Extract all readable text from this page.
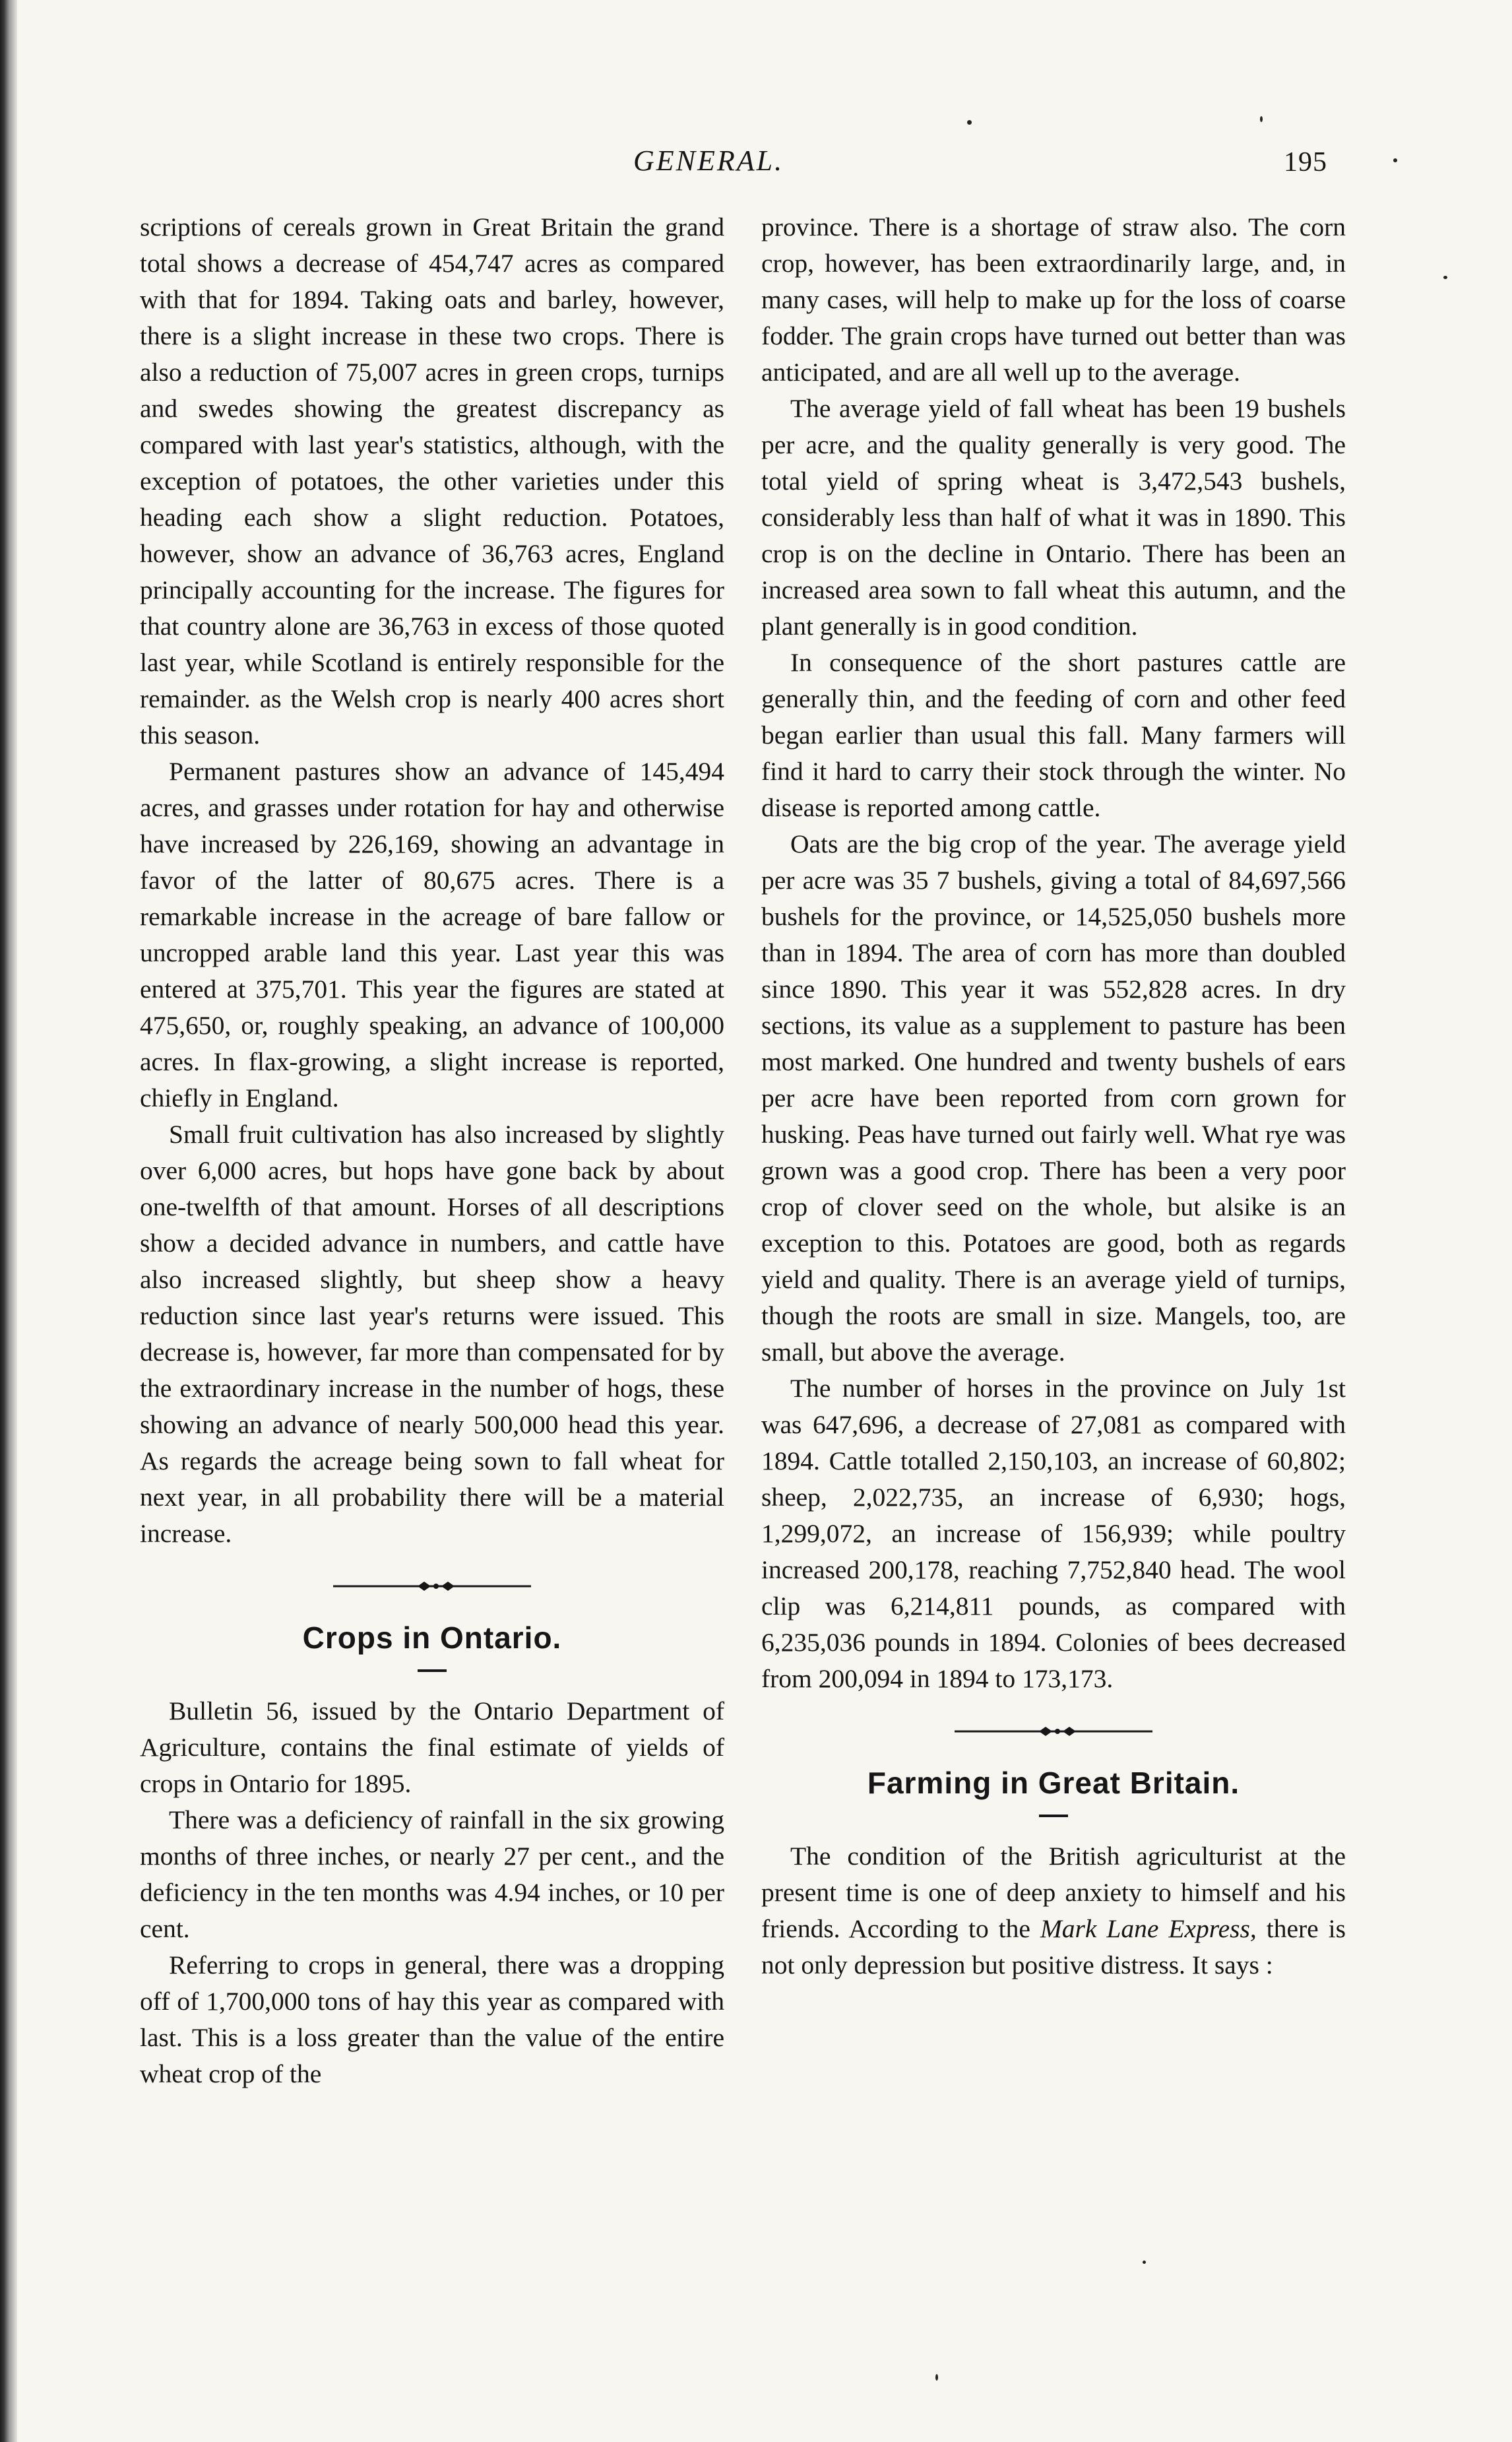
GENERAL.	195

scriptions of cereals grown in Great Britain the grand total shows a decrease of 454,747 acres as compared with that for 1894. Taking oats and barley, however, there is a slight increase in these two crops. There is also a reduction of 75,007 acres in green crops, turnips and swedes showing the greatest discrepancy as compared with last year's statistics, although, with the exception of potatoes, the other varieties under this heading each show a slight reduction. Potatoes, however, show an advance of 36,763 acres, England principally accounting for the increase. The figures for that country alone are 36,763 in excess of those quoted last year, while Scotland is entirely responsible for the remainder. as the Welsh crop is nearly 400 acres short this season.

Permanent pastures show an advance of 145,494 acres, and grasses under rotation for hay and otherwise have increased by 226,169, showing an advantage in favor of the latter of 80,675 acres. There is a remarkable increase in the acreage of bare fallow or uncropped arable land this year. Last year this was entered at 375,701. This year the figures are stated at 475,650, or, roughly speaking, an advance of 100,000 acres. In flax-growing, a slight increase is reported, chiefly in England.

Small fruit cultivation has also increased by slightly over 6,000 acres, but hops have gone back by about one-twelfth of that amount. Horses of all descriptions show a decided advance in numbers, and cattle have also increased slightly, but sheep show a heavy reduction since last year's returns were issued. This decrease is, however, far more than compensated for by the extraordinary increase in the number of hogs, these showing an advance of nearly 500,000 head this year. As regards the acreage being sown to fall wheat for next year, in all probability there will be a material increase.

Crops in Ontario.

Bulletin 56, issued by the Ontario Department of Agriculture, contains the final estimate of yields of crops in Ontario for 1895.

There was a deficiency of rainfall in the six growing months of three inches, or nearly 27 per cent., and the deficiency in the ten months was 4.94 inches, or 10 per cent.

Referring to crops in general, there was a dropping off of 1,700,000 tons of hay this year as compared with last. This is a loss greater than the value of the entire wheat crop of the

province. There is a shortage of straw also. The corn crop, however, has been extraordinarily large, and, in many cases, will help to make up for the loss of coarse fodder. The grain crops have turned out better than was anticipated, and are all well up to the average.

The average yield of fall wheat has been 19 bushels per acre, and the quality generally is very good. The total yield of spring wheat is 3,472,543 bushels, considerably less than half of what it was in 1890. This crop is on the decline in Ontario. There has been an increased area sown to fall wheat this autumn, and the plant generally is in good condition.

In consequence of the short pastures cattle are generally thin, and the feeding of corn and other feed began earlier than usual this fall. Many farmers will find it hard to carry their stock through the winter. No disease is reported among cattle.

Oats are the big crop of the year. The average yield per acre was 35 7 bushels, giving a total of 84,697,566 bushels for the province, or 14,525,050 bushels more than in 1894. The area of corn has more than doubled since 1890. This year it was 552,828 acres. In dry sections, its value as a supplement to pasture has been most marked. One hundred and twenty bushels of ears per acre have been reported from corn grown for husking. Peas have turned out fairly well. What rye was grown was a good crop. There has been a very poor crop of clover seed on the whole, but alsike is an exception to this. Potatoes are good, both as regards yield and quality. There is an average yield of turnips, though the roots are small in size. Mangels, too, are small, but above the average.

The number of horses in the province on July 1st was 647,696, a decrease of 27,081 as compared with 1894. Cattle totalled 2,150,103, an increase of 60,802; sheep, 2,022,735, an increase of 6,930; hogs, 1,299,072, an increase of 156,939; while poultry increased 200,178, reaching 7,752,840 head. The wool clip was 6,214,811 pounds, as compared with 6,235,036 pounds in 1894. Colonies of bees decreased from 200,094 in 1894 to 173,173.

Farming in Great Britain.

The condition of the British agriculturist at the present time is one of deep anxiety to himself and his friends. According to the Mark Lane Express, there is not only depression but positive distress. It says :
